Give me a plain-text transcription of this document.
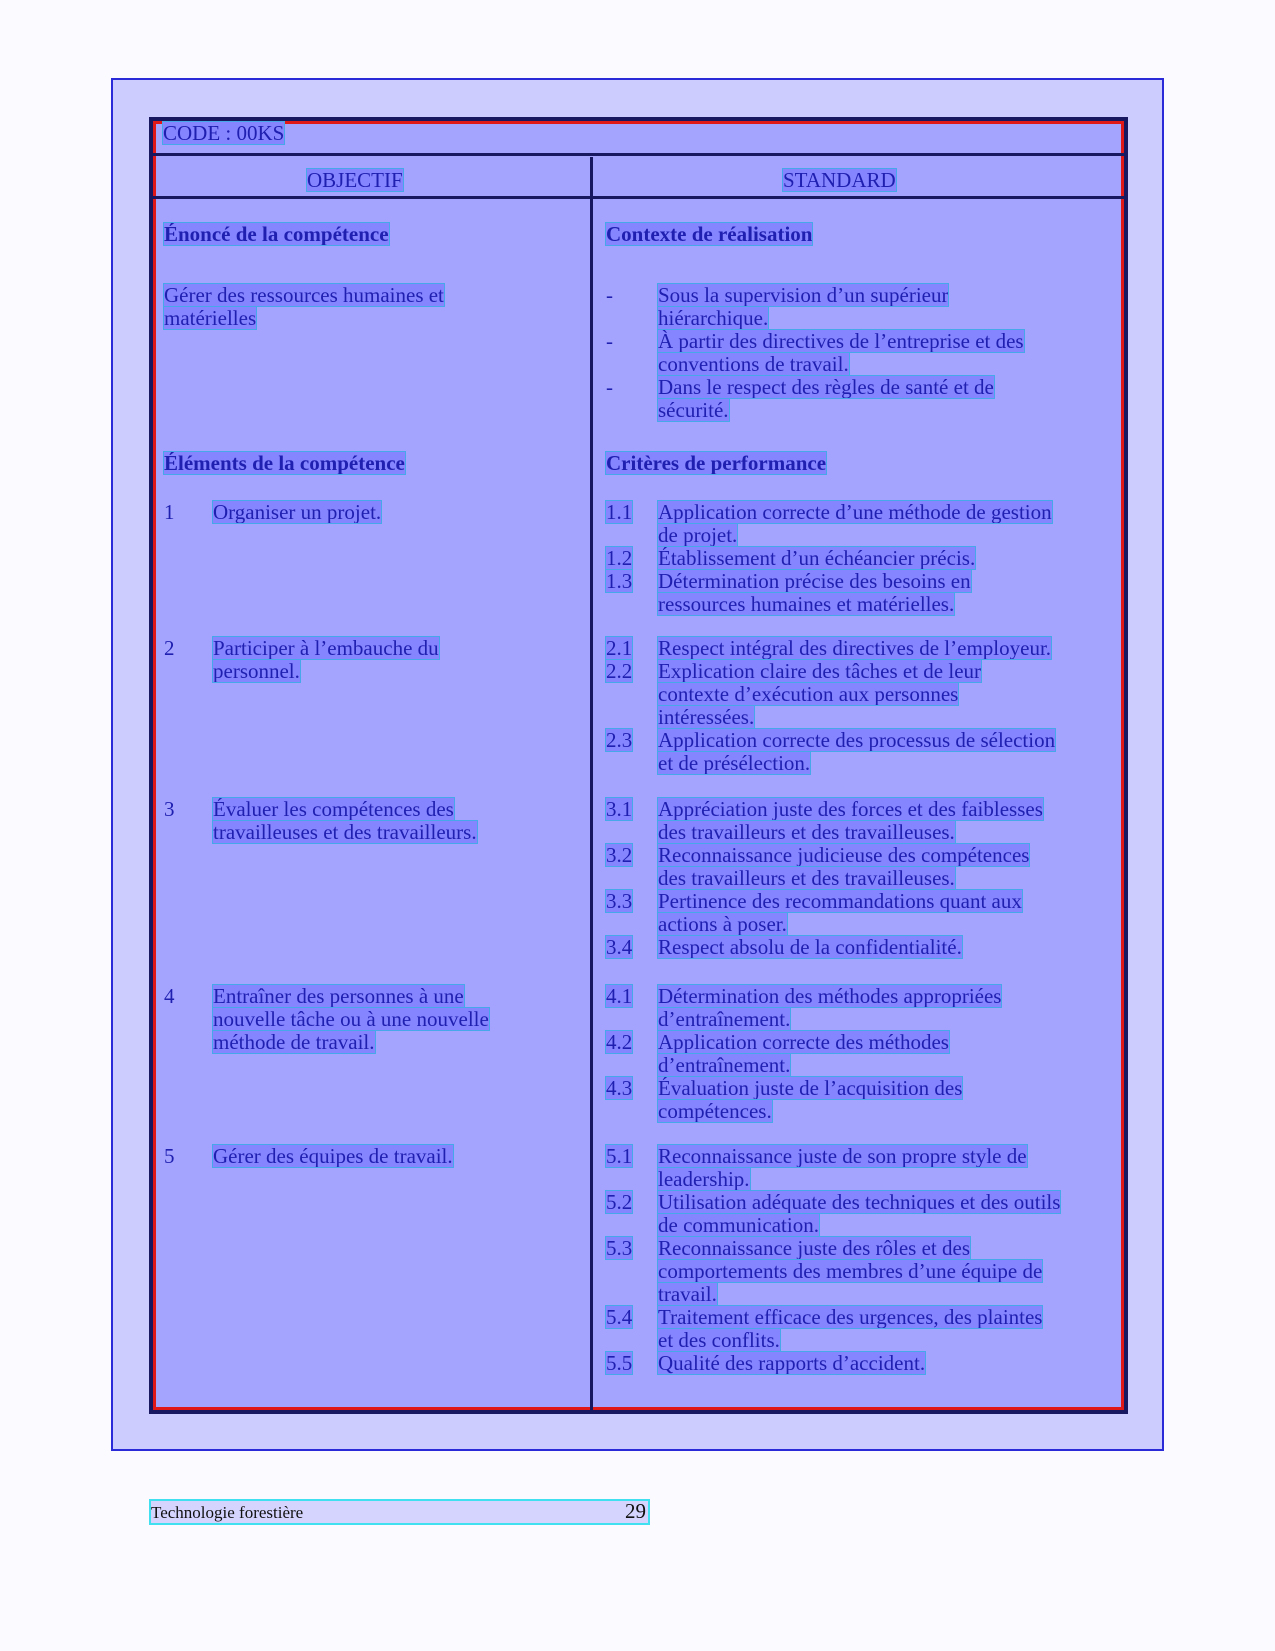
CODE : 00KS
OBJECTIF	STANDARD
Énoncé de la compétence
Gérer des ressources humaines et
matérielles
Éléments de la compétence
1 Organiser un projet.
2 Participer à l’embauche du
personnel.
3 Évaluer les compétences des
travailleuses et des travailleurs.
4 Entraîner des personnes à une
nouvelle tâche ou à une nouvelle
méthode de travail.
5 Gérer des équipes de travail.
Contexte de réalisation
- Sous la supervision d’un supérieur
hiérarchique.
- À partir des directives de l’entreprise et des
conventions de travail.
- Dans le respect des règles de santé et de
sécurité.
Critères de performance
1.1 Application correcte d’une méthode de gestion
de projet.
1.2 Établissement d’un échéancier précis.
1.3 Détermination précise des besoins en
ressources humaines et matérielles.
2.1 Respect intégral des directives de l’employeur.
2.2 Explication claire des tâches et de leur
contexte d’exécution aux personnes
intéressées.
2.3 Application correcte des processus de sélection
et de présélection.
3.1 Appréciation juste des forces et des faiblesses
des travailleurs et des travailleuses.
3.2 Reconnaissance judicieuse des compétences
des travailleurs et des travailleuses.
3.3 Pertinence des recommandations quant aux
actions à poser.
3.4 Respect absolu de la confidentialité.
4.1 Détermination des méthodes appropriées
d’entraînement.
4.2 Application correcte des méthodes
d’entraînement.
4.3 Évaluation juste de l’acquisition des
compétences.
5.1 Reconnaissance juste de son propre style de
leadership.
5.2 Utilisation adéquate des techniques et des outils
de communication.
5.3 Reconnaissance juste des rôles et des
comportements des membres d’une équipe de
travail.
5.4 Traitement efficace des urgences, des plaintes
et des conflits.
5.5 Qualité des rapports d’accident.
Technologie forestière	29
